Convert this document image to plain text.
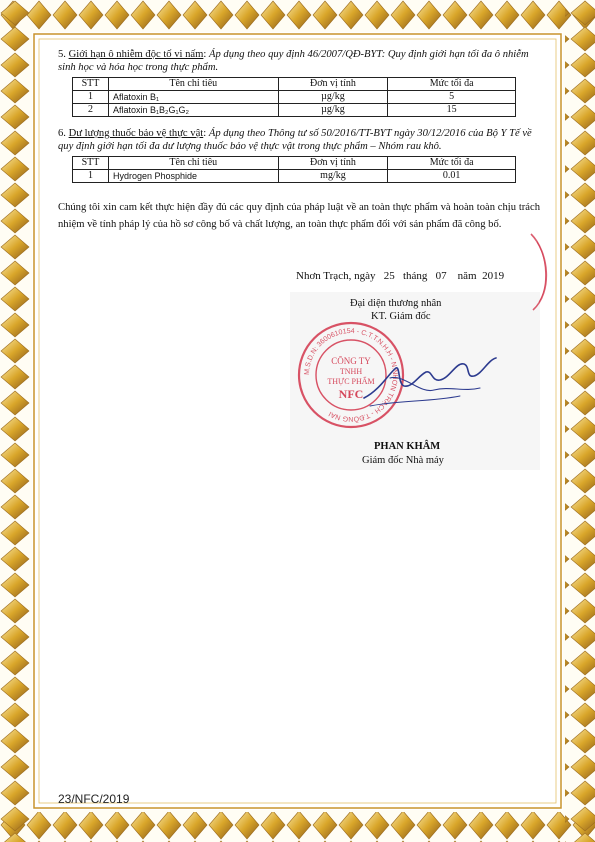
5. Giới hạn ô nhiễm độc tố vi nấm: Áp dụng theo quy định 46/2007/QĐ-BYT: Quy định giới hạn tối đa ô nhiễm sinh học và hóa học trong thực phẩm.
STT	Tên chỉ tiêu	Đơn vị tính	Mức tối đa
1	Aflatoxin B₁	µg/kg	5
2	Aflatoxin B₁B₂G₁G₂	µg/kg	15
6. Dư lượng thuốc bảo vệ thực vật: Áp dụng theo Thông tư số 50/2016/TT-BYT ngày 30/12/2016 của Bộ Y Tế về quy định giới hạn tối đa dư lượng thuốc bảo vệ thực vật trong thực phẩm – Nhóm rau khô.
STT	Tên chỉ tiêu	Đơn vị tính	Mức tối đa
1	Hydrogen Phosphide	mg/kg	0.01
Chúng tôi xin cam kết thực hiện đầy đủ các quy định của pháp luật về an toàn thực phẩm và hoàn toàn chịu trách nhiệm về tính pháp lý của hồ sơ công bố và chất lượng, an toàn thực phẩm đối với sản phẩm đã công bố.
Nhơn Trạch, ngày 25 tháng 07 năm 2019
Đại diện thương nhân
KT. Giám đốc
M.S.D.N: 3600610154 - C.T.T.N.H.H - N.NHƠN TRẠCH - T.ĐỒNG NAI
CÔNG TY
TNHH
THỰC PHẨM
NFC
PHAN KHÂM
Giám đốc Nhà máy
23/NFC/2019
